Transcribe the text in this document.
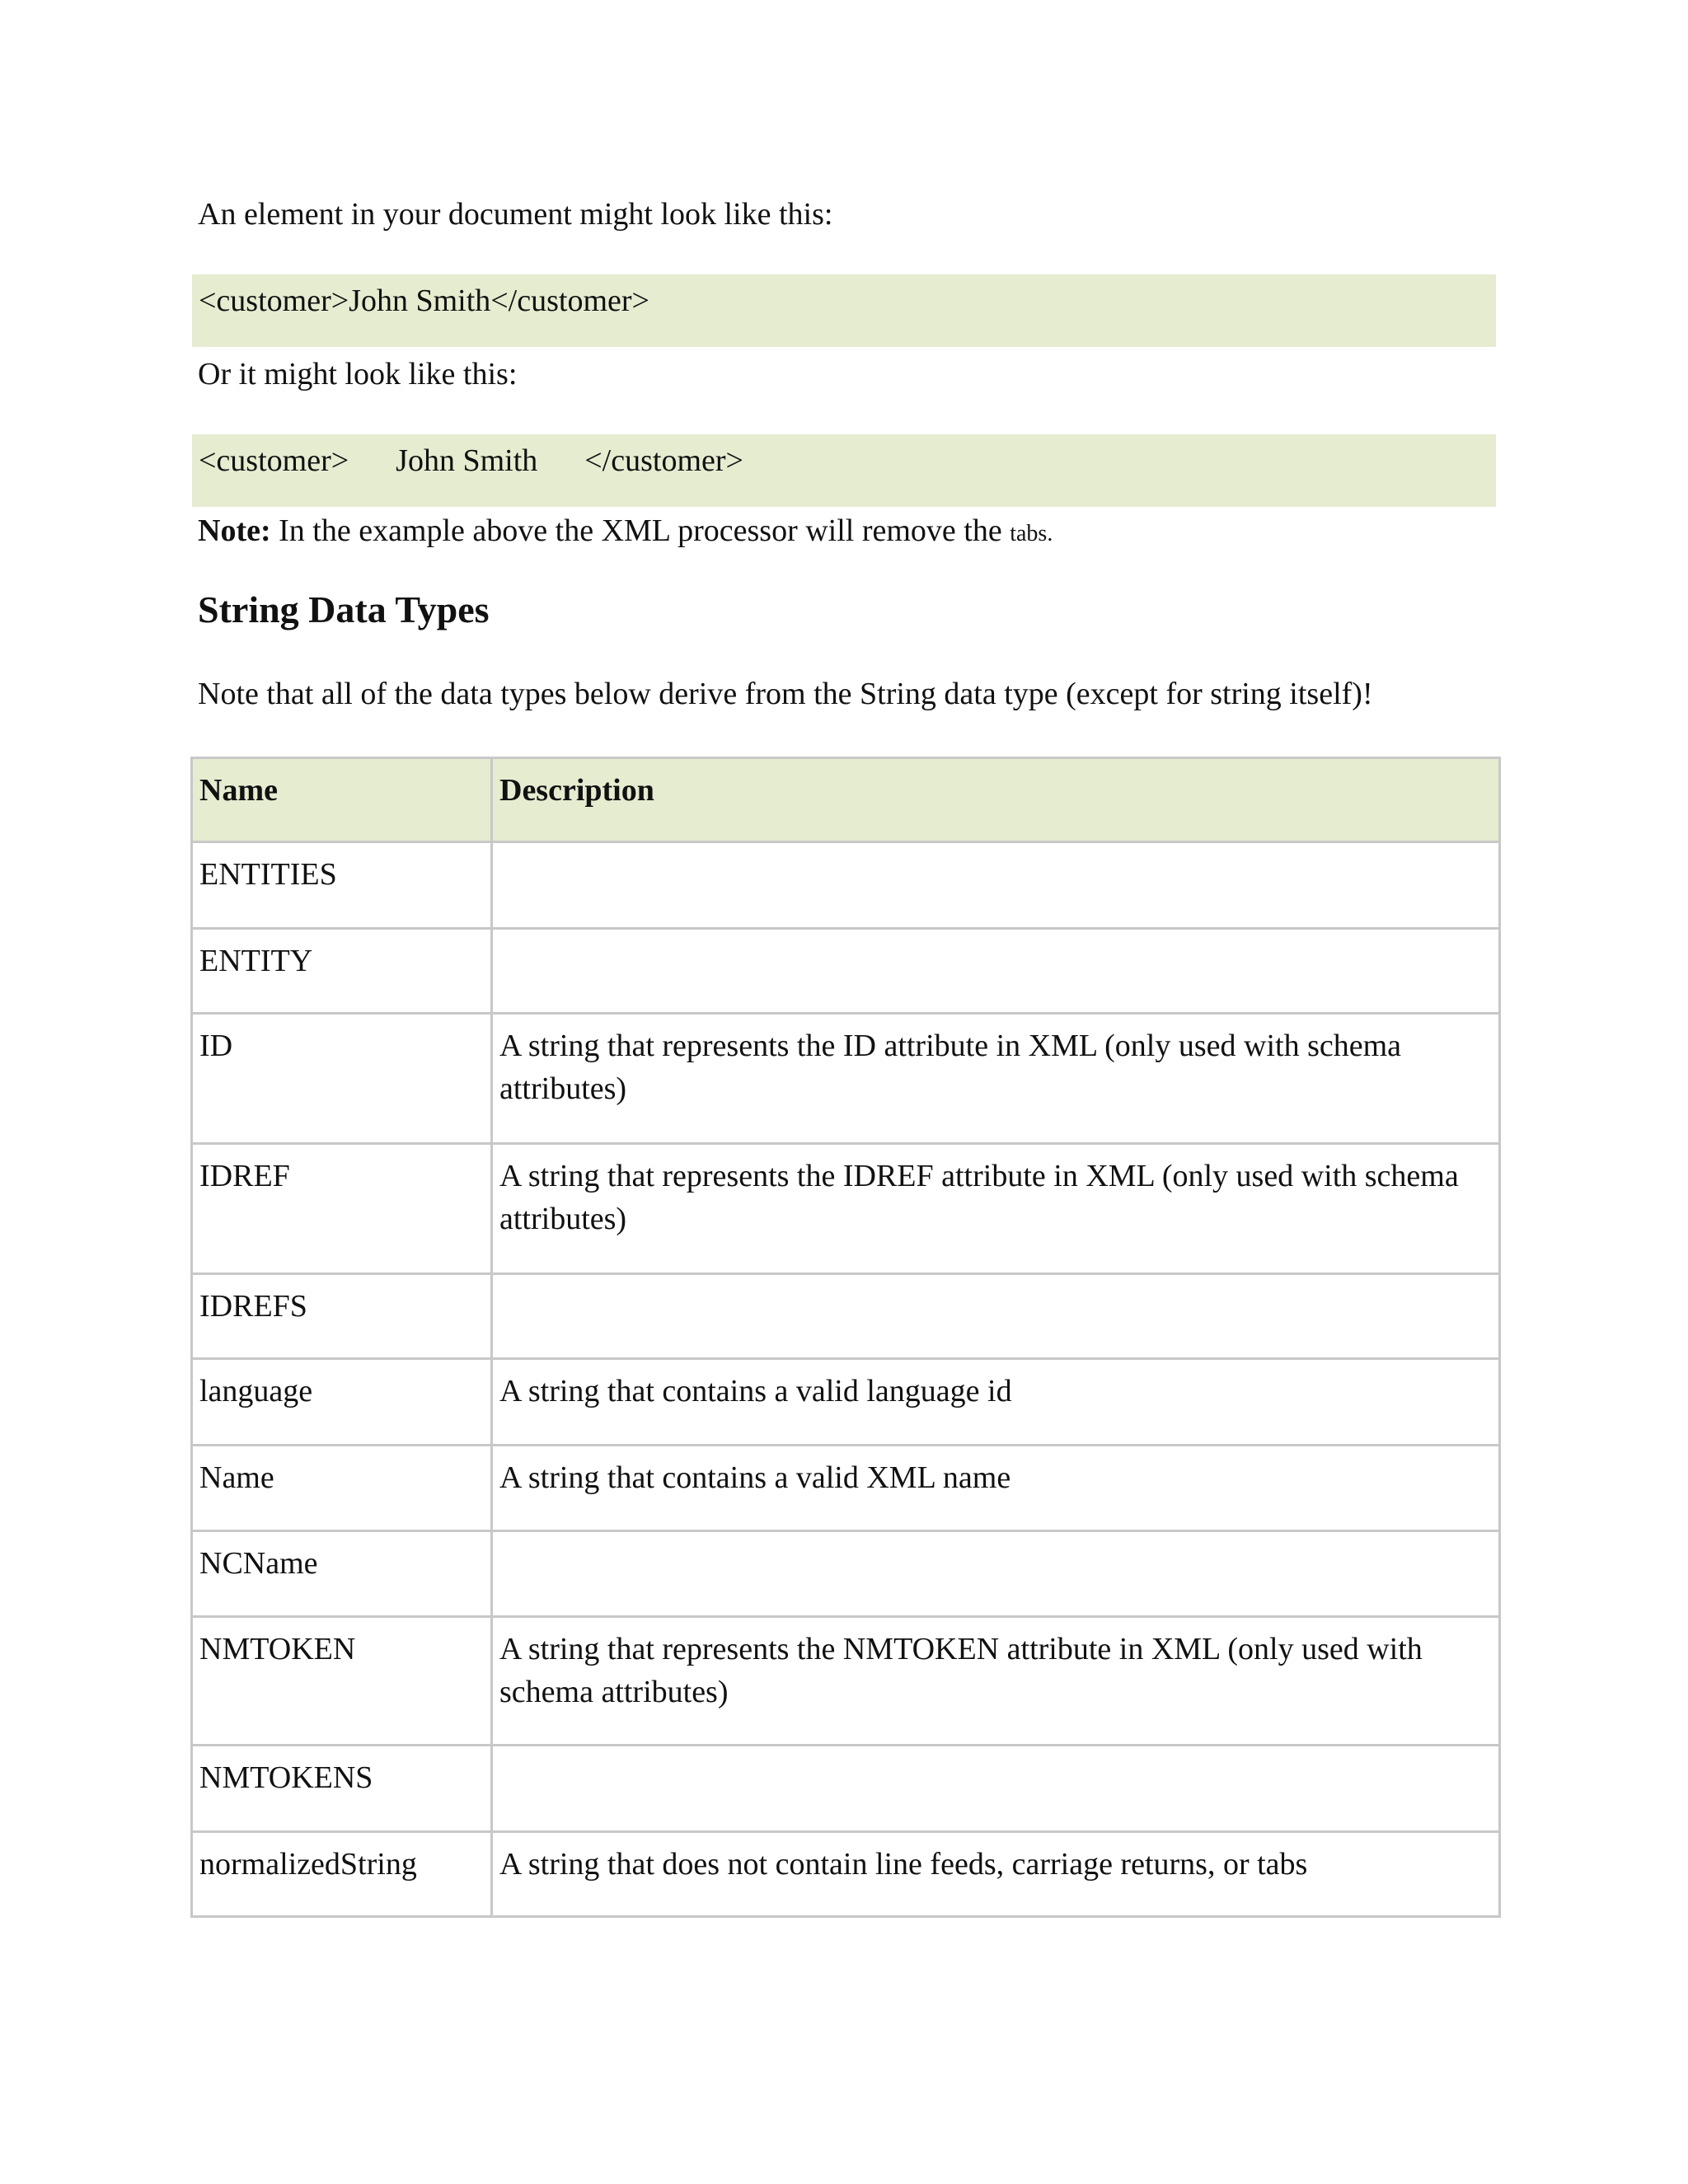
An element in your document might look like this:
<customer>John Smith</customer>
Or it might look like this:
<customer>      John Smith      </customer>
Note: In the example above the XML processor will remove the tabs.
String Data Types
Note that all of the data types below derive from the String data type (except for string itself)!
Name	Description
ENTITIES	
ENTITY	
ID	A string that represents the ID attribute in XML (only used with schema attributes)
IDREF	A string that represents the IDREF attribute in XML (only used with schema attributes)
IDREFS	
language	A string that contains a valid language id
Name	A string that contains a valid XML name
NCName	
NMTOKEN	A string that represents the NMTOKEN attribute in XML (only used with schema attributes)
NMTOKENS	
normalizedString	A string that does not contain line feeds, carriage returns, or tabs
